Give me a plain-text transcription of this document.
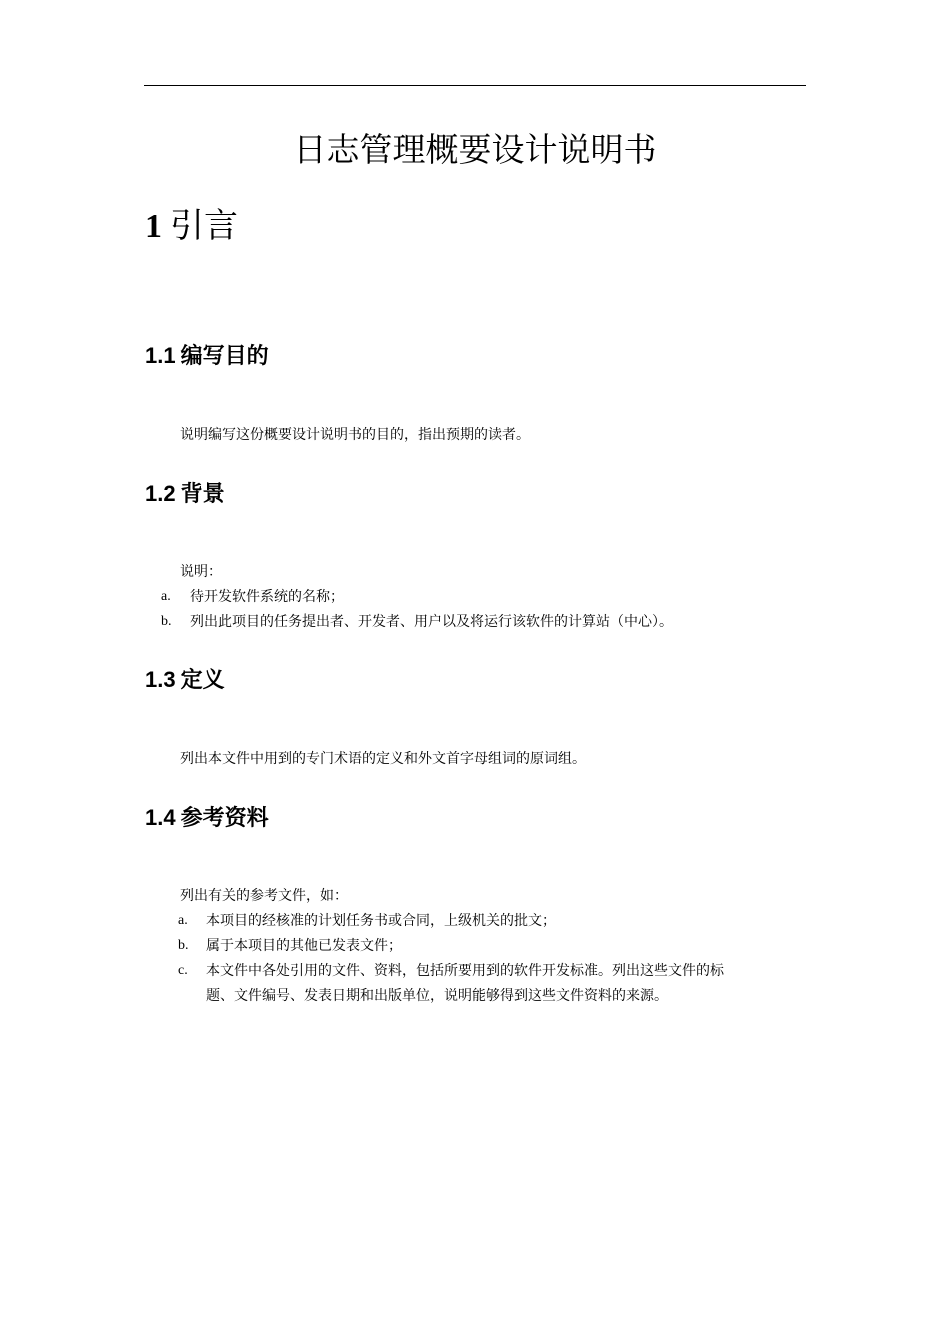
日志管理概要设计说明书
1 引言
1.1 编写目的
说明编写这份概要设计说明书的目的，指出预期的读者。
1.2 背景
说明：
a. 待开发软件系统的名称；
b. 列出此项目的任务提出者、开发者、用户以及将运行该软件的计算站（中心）。
1.3 定义
列出本文件中用到的专门术语的定义和外文首字母组词的原词组。
1.4 参考资料
列出有关的参考文件，如：
a. 本项目的经核准的计划任务书或合同，上级机关的批文；
b. 属于本项目的其他已发表文件；
c. 本文件中各处引用的文件、资料，包括所要用到的软件开发标准。列出这些文件的标
题、文件编号、发表日期和出版单位，说明能够得到这些文件资料的来源。
